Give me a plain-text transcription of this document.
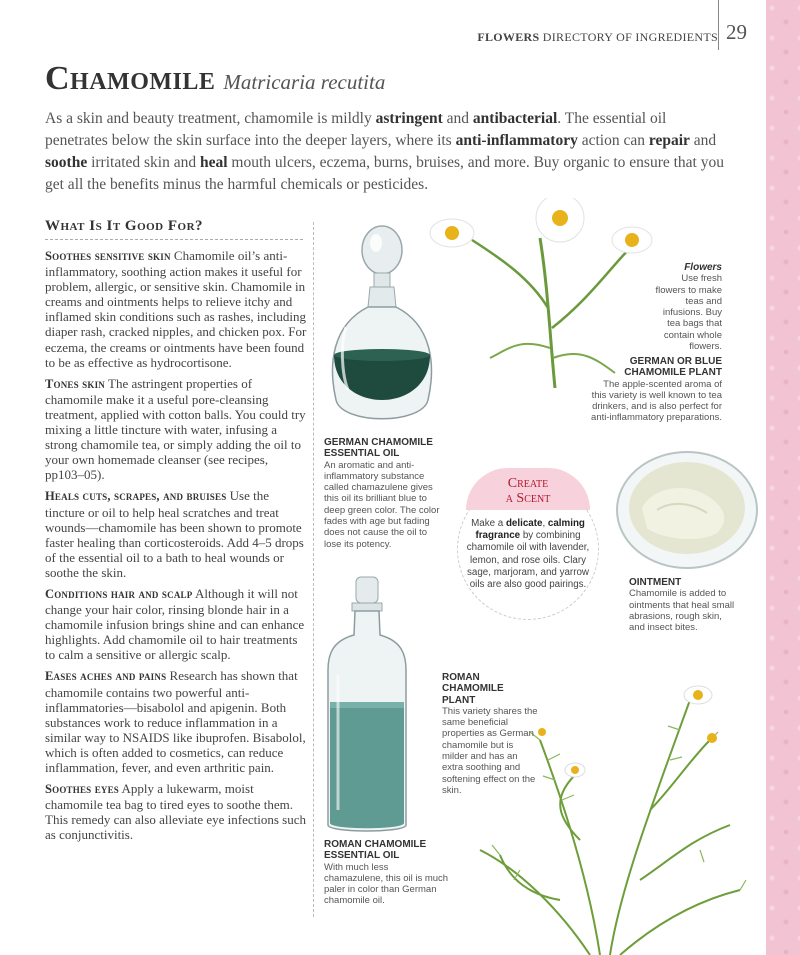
FLOWERS DIRECTORY OF INGREDIENTS 29
Chamomile Matricaria recutita

As a skin and beauty treatment, chamomile is mildly astringent and antibacterial. The essential oil penetrates below the skin surface into the deeper layers, where its anti-inflammatory action can repair and soothe irritated skin and heal mouth ulcers, eczema, burns, bruises, and more. Buy organic to ensure that you get all the benefits minus the harmful chemicals or pesticides.

What Is It Good For?

Soothes sensitive skin Chamomile oil’s anti-inflammatory, soothing action makes it useful for problem, allergic, or sensitive skin. Chamomile in creams and ointments helps to relieve itchy and inflamed skin conditions such as rashes, including diaper rash, cracked nipples, and chicken pox. For eczema, the creams or ointments have been found to be as effective as hydrocortisone.

Tones skin The astringent properties of chamomile make it a useful pore-cleansing treatment, applied with cotton balls. You could try mixing a little tincture with water, infusing a strong chamomile tea, or simply adding the oil to your own homemade cleanser (see recipes, pp103–05).

Heals cuts, scrapes, and bruises Use the tincture or oil to help heal scratches and treat wounds—chamomile has been shown to promote faster healing than corticosteroids. Add 4–5 drops of the essential oil to a bath to heal wounds or soothe the skin.

Conditions hair and scalp Although it will not change your hair color, rinsing blonde hair in a chamomile infusion brings shine and can enhance highlights. Add chamomile oil to hair treatments to calm a sensitive or allergic scalp.

Eases aches and pains Research has shown that chamomile contains two powerful anti-inflammatories—bisabolol and apigenin. Both substances work to reduce inflammation in a similar way to NSAIDS like ibuprofen. Bisabolol, which is often added to cosmetics, can reduce inflammation, fever, and even arthritic pain.

Soothes eyes Apply a lukewarm, moist chamomile tea bag to tired eyes to soothe them. This remedy can also alleviate eye infections such as conjunctivitis.

Flowers
Use fresh flowers to make teas and infusions. Buy tea bags that contain whole flowers.
GERMAN OR BLUE CHAMOMILE PLANT
The apple-scented aroma of this variety is well known to tea drinkers, and is also perfect for anti-inflammatory preparations.
GERMAN CHAMOMILE ESSENTIAL OIL
An aromatic and anti-inflammatory substance called chamazulene gives this oil its brilliant blue to deep green color. The color fades with age but fading does not cause the oil to lose its potency.
OINTMENT
Chamomile is added to ointments that heal small abrasions, rough skin, and insect bites.
ROMAN CHAMOMILE PLANT
This variety shares the same beneficial properties as German chamomile but is milder and has an extra soothing and softening effect on the skin.
ROMAN CHAMOMILE ESSENTIAL OIL
With much less chamazulene, this oil is much paler in color than German chamomile oil.
Create
a Scent
Make a delicate, calming fragrance by combining chamomile oil with lavender, lemon, and rose oils. Clary sage, marjoram, and yarrow oils are also good pairings.
